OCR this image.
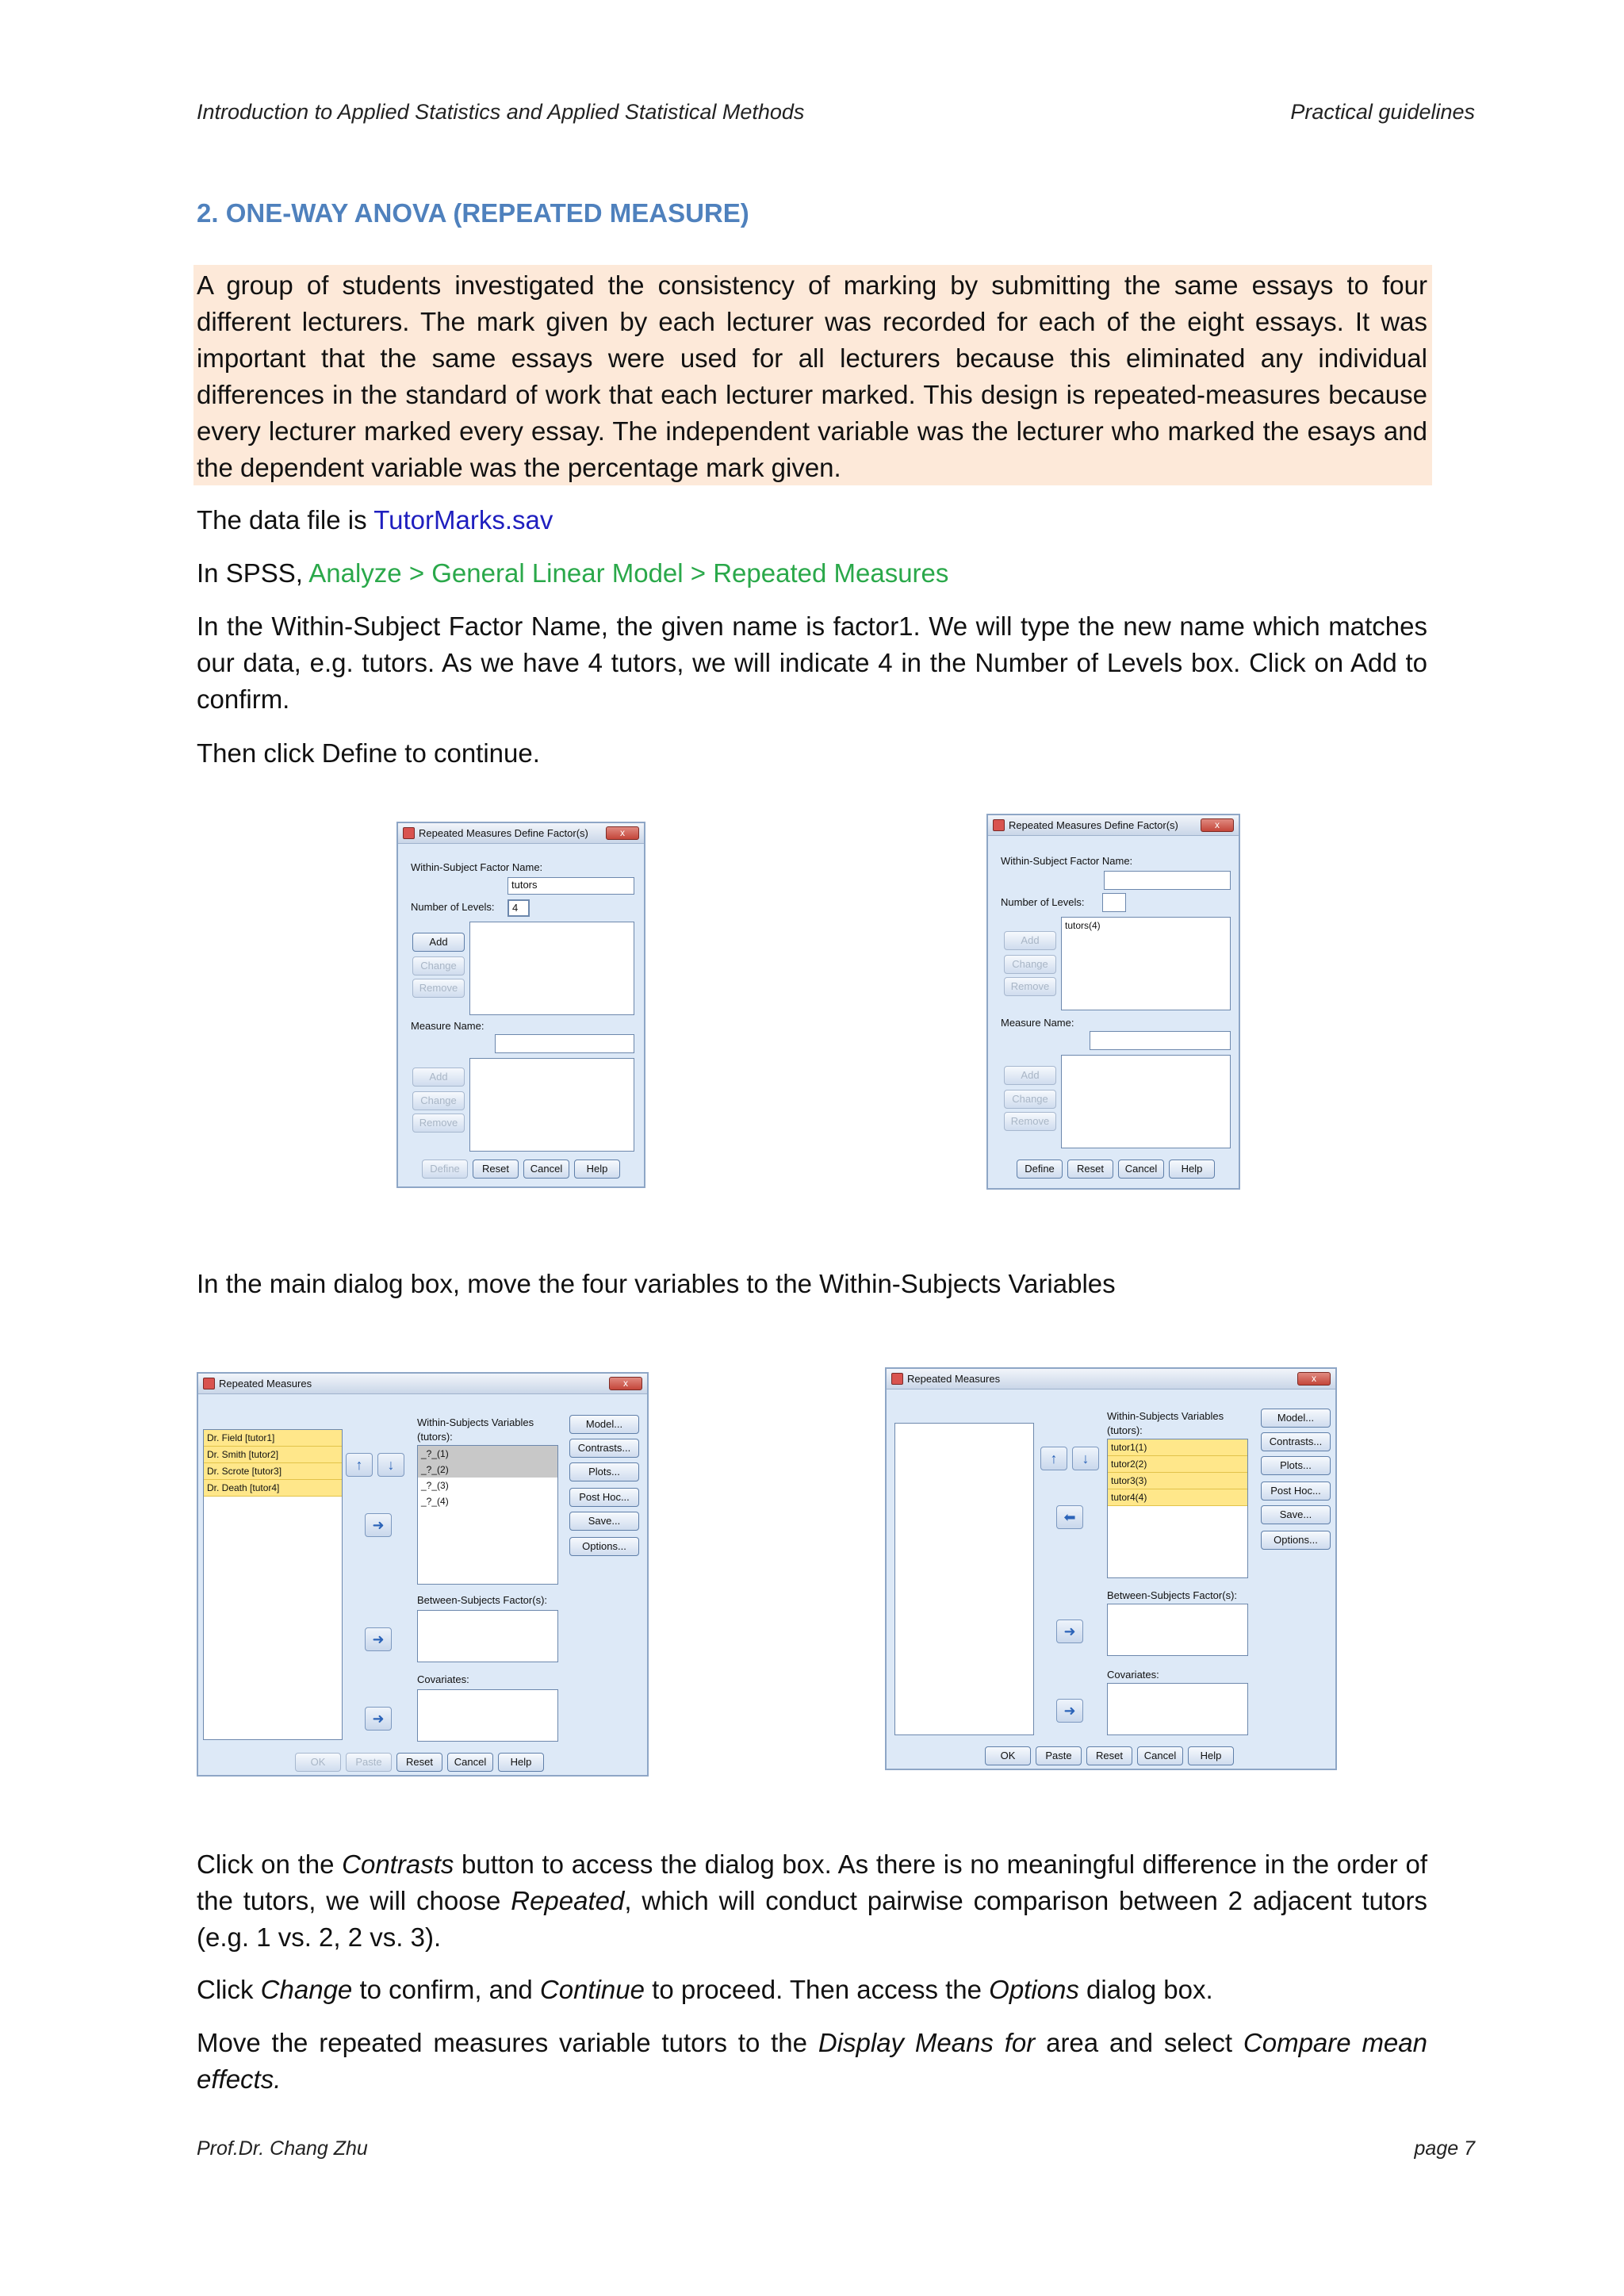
Introduction to Applied Statistics and Applied Statistical Methods	Practical guidelines
2. ONE-WAY ANOVA (REPEATED MEASURE)
A group of students investigated the consistency of marking by submitting the same essays to four different lecturers. The mark given by each lecturer was recorded for each of the eight essays. It was important that the same essays were used for all lecturers because this eliminated any individual differences in the standard of work that each lecturer marked. This design is repeated-measures because every lecturer marked every essay. The independent variable was the lecturer who marked the esays and the dependent variable was the percentage mark given.
The data file is TutorMarks.sav
In SPSS, Analyze > General Linear Model > Repeated Measures
In the Within-Subject Factor Name, the given name is factor1. We will type the new name which matches our data, e.g. tutors. As we have 4 tutors, we will indicate 4 in the Number of Levels box. Click on Add to confirm.
Then click Define to continue.
Repeated Measures Define Factor(s)	x
Within-Subject Factor Name:
tutors
Number of Levels:	4
Add
Change
Remove
Measure Name:
Add
Change
Remove
Define	Reset	Cancel	Help
Repeated Measures Define Factor(s)	x
Within-Subject Factor Name:
Number of Levels:
Add
Change
Remove
tutors(4)
Measure Name:
Add
Change
Remove
Define	Reset	Cancel	Help
In the main dialog box, move the four variables to the Within-Subjects Variables
Repeated Measures	x
Dr. Field [tutor1]
Dr. Smith [tutor2]
Dr. Scrote [tutor3]
Dr. Death [tutor4]
↑	↓
➜
➜
➜
Within-Subjects Variables
(tutors):
_?_(1)
_?_(2)
_?_(3)
_?_(4)
Between-Subjects Factor(s):
Covariates:
Model...
Contrasts...
Plots...
Post Hoc...
Save...
Options...
OK	Paste	Reset	Cancel	Help
Repeated Measures	x
↑	↓
⬅
➜
➜
Within-Subjects Variables
(tutors):
tutor1(1)
tutor2(2)
tutor3(3)
tutor4(4)
Between-Subjects Factor(s):
Covariates:
Model...
Contrasts...
Plots...
Post Hoc...
Save...
Options...
OK	Paste	Reset	Cancel	Help
Click on the Contrasts button to access the dialog box. As there is no meaningful difference in the order of the tutors, we will choose Repeated, which will conduct pairwise comparison between 2 adjacent tutors (e.g. 1 vs. 2, 2 vs. 3).
Click Change to confirm, and Continue to proceed. Then access the Options dialog box.
Move the repeated measures variable tutors to the Display Means for area and select Compare mean effects.
Prof.Dr. Chang Zhu	page 7
